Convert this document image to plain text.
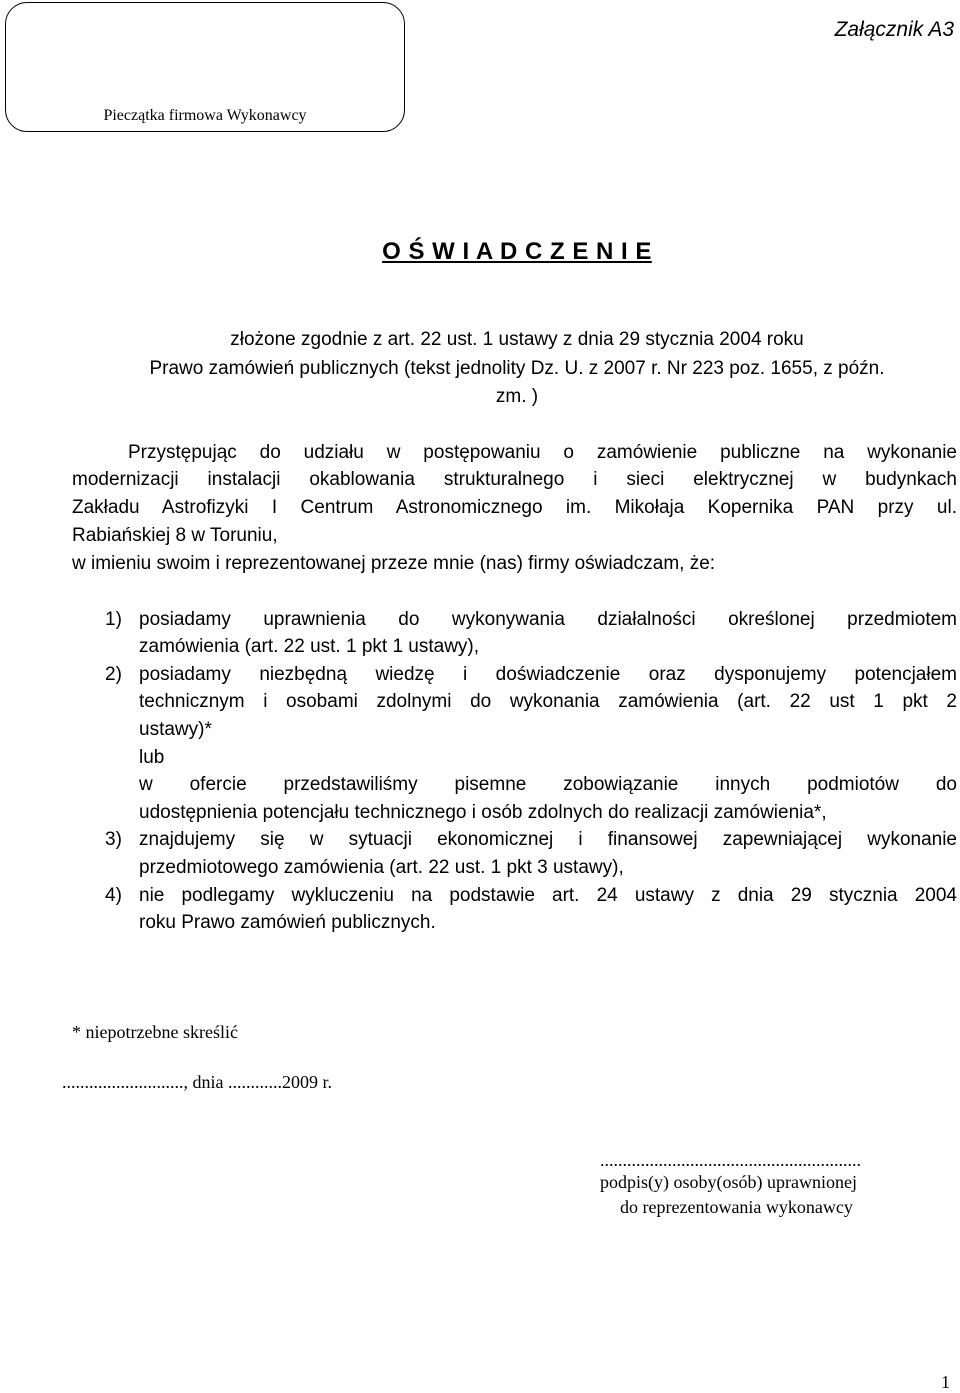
Pieczątka firmowa Wykonawcy
Załącznik A3
O Ś W I A D C Z E N I E
złożone zgodnie z art. 22 ust. 1 ustawy z dnia 29 stycznia 2004 roku
Prawo zamówień publicznych (tekst jednolity Dz. U. z 2007 r. Nr 223 poz. 1655, z późn.
zm. )
Przystępując do udziału w postępowaniu o zamówienie publiczne na wykonanie
modernizacji instalacji okablowania strukturalnego i sieci elektrycznej w budynkach
Zakładu Astrofizyki I Centrum Astronomicznego im. Mikołaja Kopernika PAN przy ul.
Rabiańskiej 8 w Toruniu,
w imieniu swoim i reprezentowanej przeze mnie (nas) firmy oświadczam, że:
1) posiadamy uprawnienia do wykonywania działalności określonej przedmiotem
zamówienia (art. 22 ust. 1 pkt 1 ustawy),
2) posiadamy niezbędną wiedzę i doświadczenie oraz dysponujemy potencjałem
technicznym i osobami zdolnymi do wykonania zamówienia (art. 22 ust 1 pkt 2
ustawy)*
lub
w ofercie przedstawiliśmy pisemne zobowiązanie innych podmiotów do
udostępnienia potencjału technicznego i osób zdolnych do realizacji zamówienia*,
3) znajdujemy się w sytuacji ekonomicznej i finansowej zapewniającej wykonanie
przedmiotowego zamówienia (art. 22 ust. 1 pkt 3 ustawy),
4) nie podlegamy wykluczeniu na podstawie art. 24 ustawy z dnia 29 stycznia 2004
roku Prawo zamówień publicznych.
* niepotrzebne skreślić
..........................., dnia ............2009 r.
..........................................................
podpis(y) osoby(osób) uprawnionej
do reprezentowania wykonawcy
1
